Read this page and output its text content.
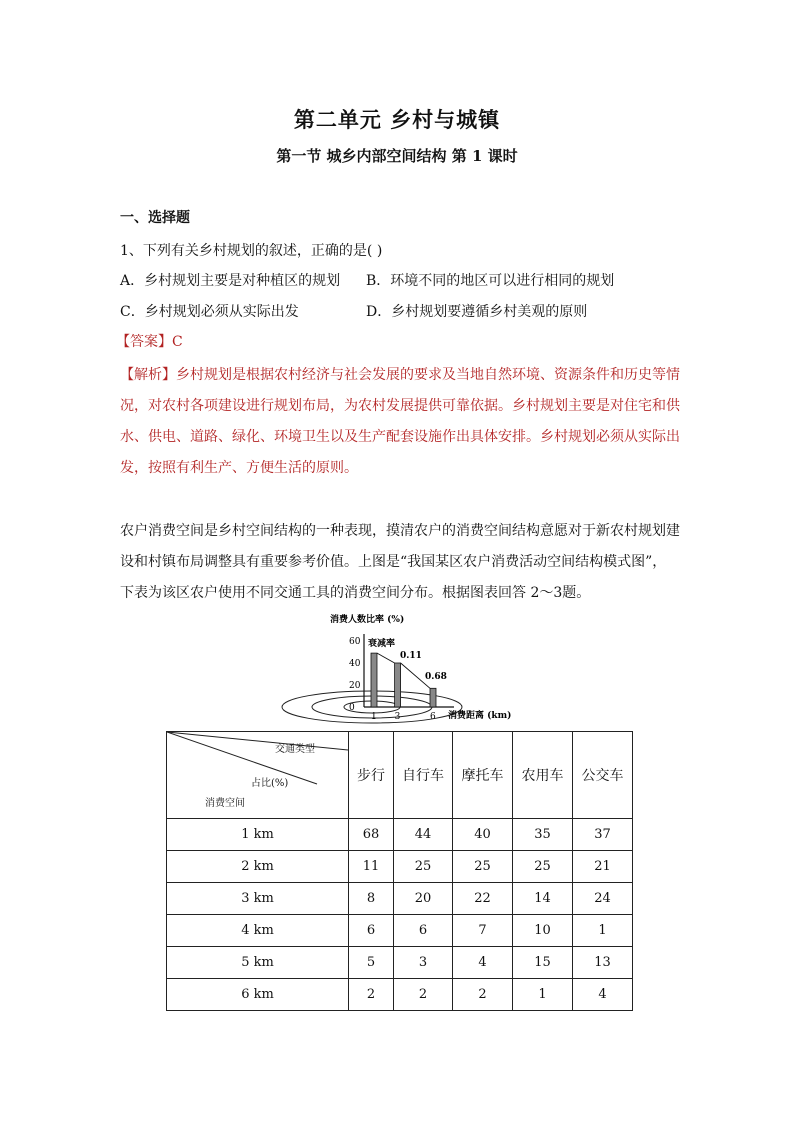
第二单元 乡村与城镇
第一节 城乡内部空间结构 第 1 课时
一、选择题
1、下列有关乡村规划的叙述，正确的是( )
A．乡村规划主要是对种植区的规划 B．环境不同的地区可以进行相同的规划
C．乡村规划必须从实际出发	D．乡村规划要遵循乡村美观的原则
【答案】C
【解析】乡村规划是根据农村经济与社会发展的要求及当地自然环境、资源条件和历史等情况，对农村各项建设进行规划布局，为农村发展提供可靠依据。乡村规划主要是对住宅和供水、供电、道路、绿化、环境卫生以及生产配套设施作出具体安排。乡村规划必须从实际出发，按照有利生产、方便生活的原则。
农户消费空间是乡村空间结构的一种表现，摸清农户的消费空间结构意愿对于新农村规划建设和村镇布局调整具有重要参考价值。上图是“我国某区农户消费活动空间结构模式图”，下表为该区农户使用不同交通工具的消费空间分布。根据图表回答 2～3题。
消费人数比率 (%)
消费距离 (km)
0
20
40
60 衰减率
0.11
0.68
1 3	6
交通类型
占比(%)
消费空间	步行	自行车	摩托车	农用车	公交车
1 km	68	44	40	35	37
2 km	11	25	25	25	21
3 km	8	20	22	14	24
4 km	6	6	7	10	1
5 km	5	3	4	15	13
6 km	2	2	2	1	4
